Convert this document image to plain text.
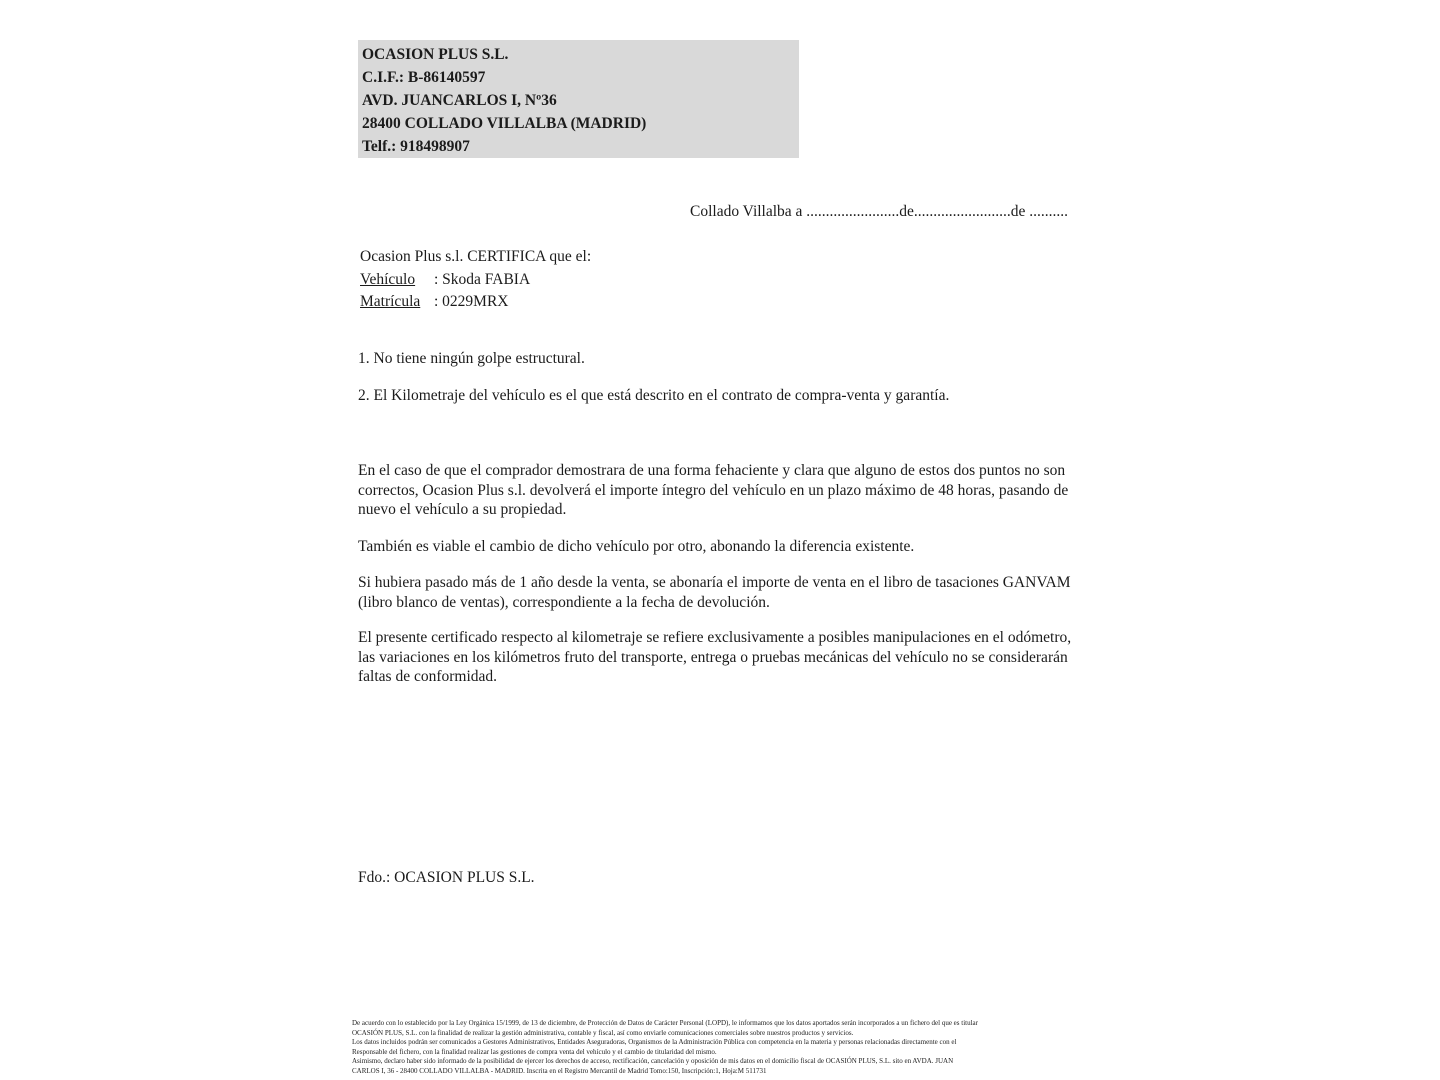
OCASION PLUS S.L.
C.I.F.: B-86140597
AVD. JUANCARLOS I, Nº36
28400 COLLADO VILLALBA (MADRID)
Telf.: 918498907
Collado Villalba a ........................de.........................de ..........
Ocasion Plus s.l. CERTIFICA que el:
Vehículo : Skoda FABIA
Matrícula : 0229MRX
1. No tiene ningún golpe estructural.
2. El Kilometraje del vehículo es el que está descrito en el contrato de compra-venta y garantía.
En el caso de que el comprador demostrara de una forma fehaciente y clara que alguno de estos dos puntos no son correctos, Ocasion Plus s.l. devolverá el importe íntegro del vehículo en un plazo máximo de 48 horas, pasando de nuevo el vehículo a su propiedad.
También es viable el cambio de dicho vehículo por otro, abonando la diferencia existente.
Si hubiera pasado más de 1 año desde la venta, se abonaría el importe de venta en el libro de tasaciones GANVAM (libro blanco de ventas), correspondiente a la fecha de devolución.
El presente certificado respecto al kilometraje se refiere exclusivamente a posibles manipulaciones en el odómetro, las variaciones en los kilómetros fruto del transporte, entrega o pruebas mecánicas del vehículo no se considerarán faltas de conformidad.
Fdo.: OCASION PLUS S.L.
De acuerdo con lo establecido por la Ley Orgánica 15/1999, de 13 de diciembre, de Protección de Datos de Carácter Personal (LOPD), le informamos que los datos aportados serán incorporados a un fichero del que es titular
OCASIÓN PLUS, S.L. con la finalidad de realizar la gestión administrativa, contable y fiscal, así como enviarle comunicaciones comerciales sobre nuestros productos y servicios.
Los datos incluidos podrán ser comunicados a Gestores Administrativos, Entidades Aseguradoras, Organismos de la Administración Pública con competencia en la materia y personas relacionadas directamente con el
Responsable del fichero, con la finalidad realizar las gestiones de compra venta del vehículo y el cambio de titularidad del mismo.
Asimismo, declaro haber sido informado de la posibilidad de ejercer los derechos de acceso, rectificación, cancelación y oposición de mis datos en el domicilio fiscal de OCASIÓN PLUS, S.L. sito en AVDA. JUAN
CARLOS I, 36 - 28400 COLLADO VILLALBA - MADRID. Inscrita en el Registro Mercantil de Madrid Tomo:150, Inscripción:1, Hoja:M 511731
